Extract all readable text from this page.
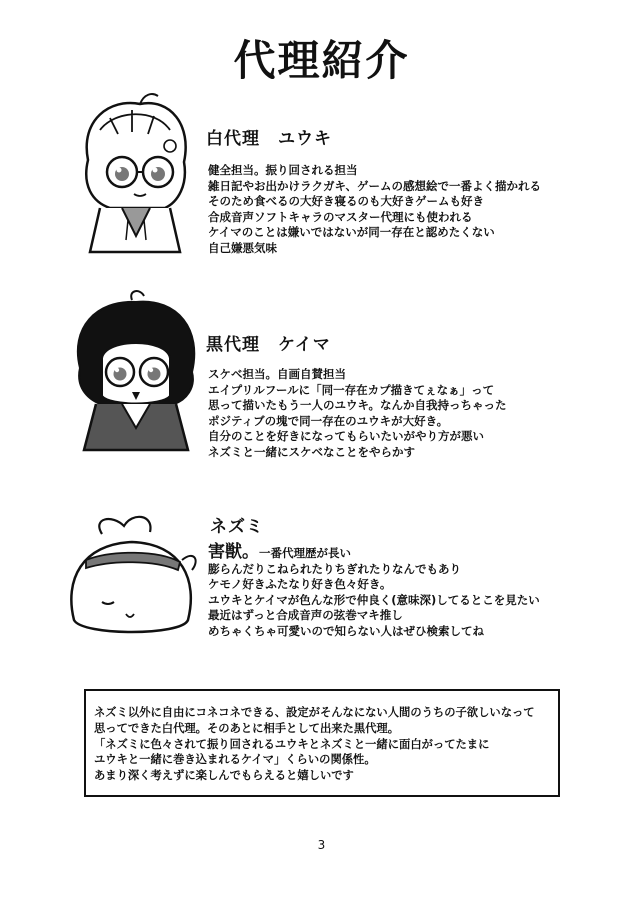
代理紹介
白代理　ユウキ
健全担当。振り回される担当
雑日記やお出かけラクガキ、ゲームの感想絵で一番よく描かれる
そのため食べるの大好き寝るのも大好きゲームも好き
合成音声ソフトキャラのマスター代理にも使われる
ケイマのことは嫌いではないが同一存在と認めたくない
自己嫌悪気味
黒代理　ケイマ
スケベ担当。自画自賛担当
エイプリルフールに「同一存在カプ描きてぇなぁ」って
思って描いたもう一人のユウキ。なんか自我持っちゃった
ポジティブの塊で同一存在のユウキが大好き。
自分のことを好きになってもらいたいがやり方が悪い
ネズミと一緒にスケベなことをやらかす
ネズミ
害獣。一番代理歴が長い
膨らんだりこねられたりちぎれたりなんでもあり
ケモノ好きふたなり好き色々好き。
ユウキとケイマが色んな形で仲良く(意味深)してるとこを見たい
最近はずっと合成音声の弦巻マキ推し
めちゃくちゃ可愛いので知らない人はぜひ検索してね
ネズミ以外に自由にコネコネできる、設定がそんなにない人間のうちの子欲しいなって
思ってできた白代理。そのあとに相手として出来た黒代理。
「ネズミに色々されて振り回されるユウキとネズミと一緒に面白がってたまに
ユウキと一緒に巻き込まれるケイマ」くらいの関係性。
あまり深く考えずに楽しんでもらえると嬉しいです
3
